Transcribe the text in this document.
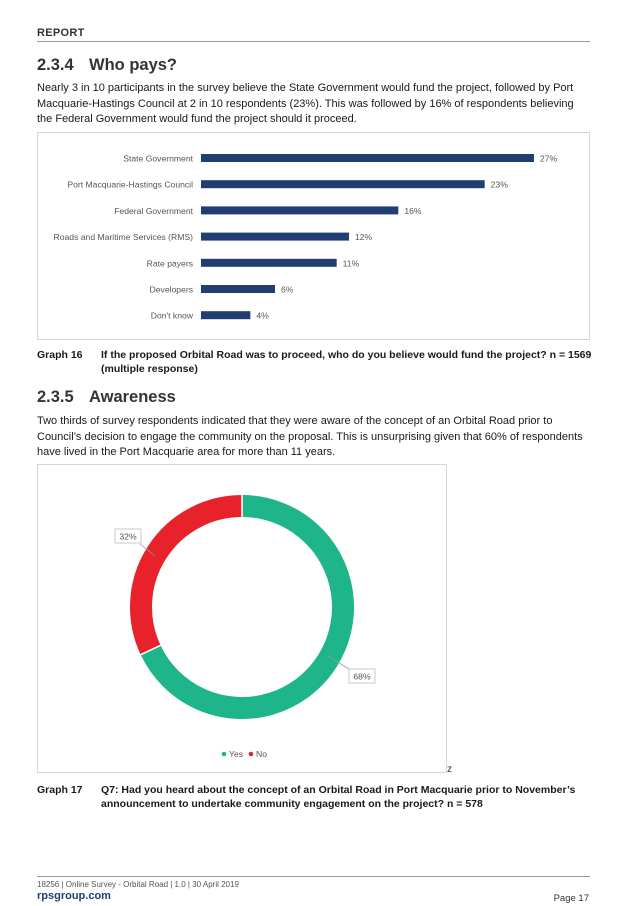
REPORT
2.3.4 Who pays?
Nearly 3 in 10 participants in the survey believe the State Government would fund the project, followed by Port Macquarie-Hastings Council at 2 in 10 respondents (23%). This was followed by 16% of respondents believing the Federal Government would fund the project should it proceed.
State Government	27%
Port Macquarie-Hastings Council	23%
Federal Government	16%
Roads and Maritime Services (RMS)	12%
Rate payers	11%
Developers	6%
Don't know	4%
Graph 16 If the proposed Orbital Road was to proceed, who do you believe would fund the project? n = 1569 (multiple response)
2.3.5 Awareness
Two thirds of survey respondents indicated that they were aware of the concept of an Orbital Road prior to Council’s decision to engage the community on the proposal. This is unsurprising given that 60% of respondents have lived in the Port Macquarie area for more than 11 years.
68%
32%
Yes No
z
Graph 17 Q7: Had you heard about the concept of an Orbital Road in Port Macquarie prior to November’s announcement to undertake community engagement on the project? n = 578
18256 | Online Survey - Orbital Road | 1.0 | 30 April 2019
rpsgroup.com	Page 17
